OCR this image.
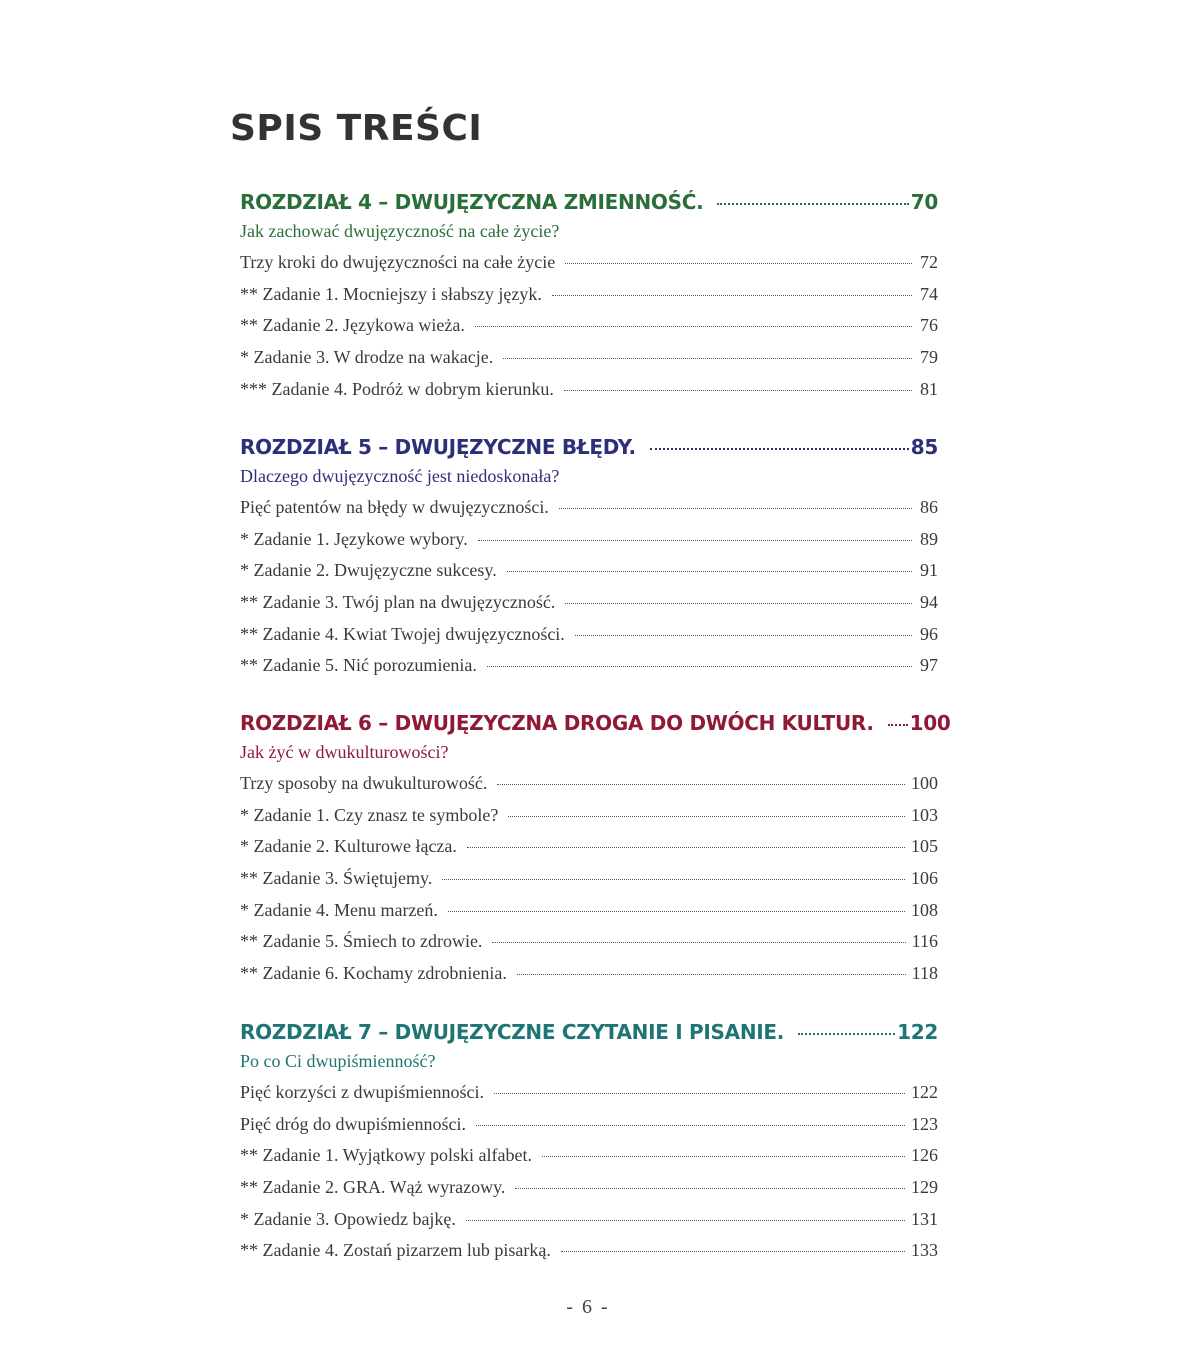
SPIS TREŚCI
ROZDZIAŁ 4 – DWUJĘZYCZNA ZMIENNOŚĆ.	70
Jak zachować dwujęzyczność na całe życie?
Trzy kroki do dwujęzyczności na całe życie	72
** Zadanie 1. Mocniejszy i słabszy język.	74
** Zadanie 2. Językowa wieża.	76
* Zadanie 3. W drodze na wakacje.	79
*** Zadanie 4. Podróż w dobrym kierunku.	81
ROZDZIAŁ 5 – DWUJĘZYCZNE BŁĘDY.	85
Dlaczego dwujęzyczność jest niedoskonała?
Pięć patentów na błędy w dwujęzyczności.	86
* Zadanie 1. Językowe wybory.	89
* Zadanie 2. Dwujęzyczne sukcesy.	91
** Zadanie 3. Twój plan na dwujęzyczność.	94
** Zadanie 4. Kwiat Twojej dwujęzyczności.	96
** Zadanie 5. Nić porozumienia.	97
ROZDZIAŁ 6 – DWUJĘZYCZNA DROGA DO DWÓCH KULTUR. 100
Jak żyć w dwukulturowości?
Trzy sposoby na dwukulturowość.	100
* Zadanie 1. Czy znasz te symbole?	103
* Zadanie 2. Kulturowe łącza.	105
** Zadanie 3. Świętujemy.	106
* Zadanie 4. Menu marzeń.	108
** Zadanie 5. Śmiech to zdrowie.	116
** Zadanie 6. Kochamy zdrobnienia.	118
ROZDZIAŁ 7 – DWUJĘZYCZNE CZYTANIE I PISANIE.	122
Po co Ci dwupiśmienność?
Pięć korzyści z dwupiśmienności.	122
Pięć dróg do dwupiśmienności.	123
** Zadanie 1. Wyjątkowy polski alfabet.	126
** Zadanie 2. GRA. Wąż wyrazowy.	129
* Zadanie 3. Opowiedz bajkę.	131
** Zadanie 4. Zostań pizarzem lub pisarką.	133
- 6 -
